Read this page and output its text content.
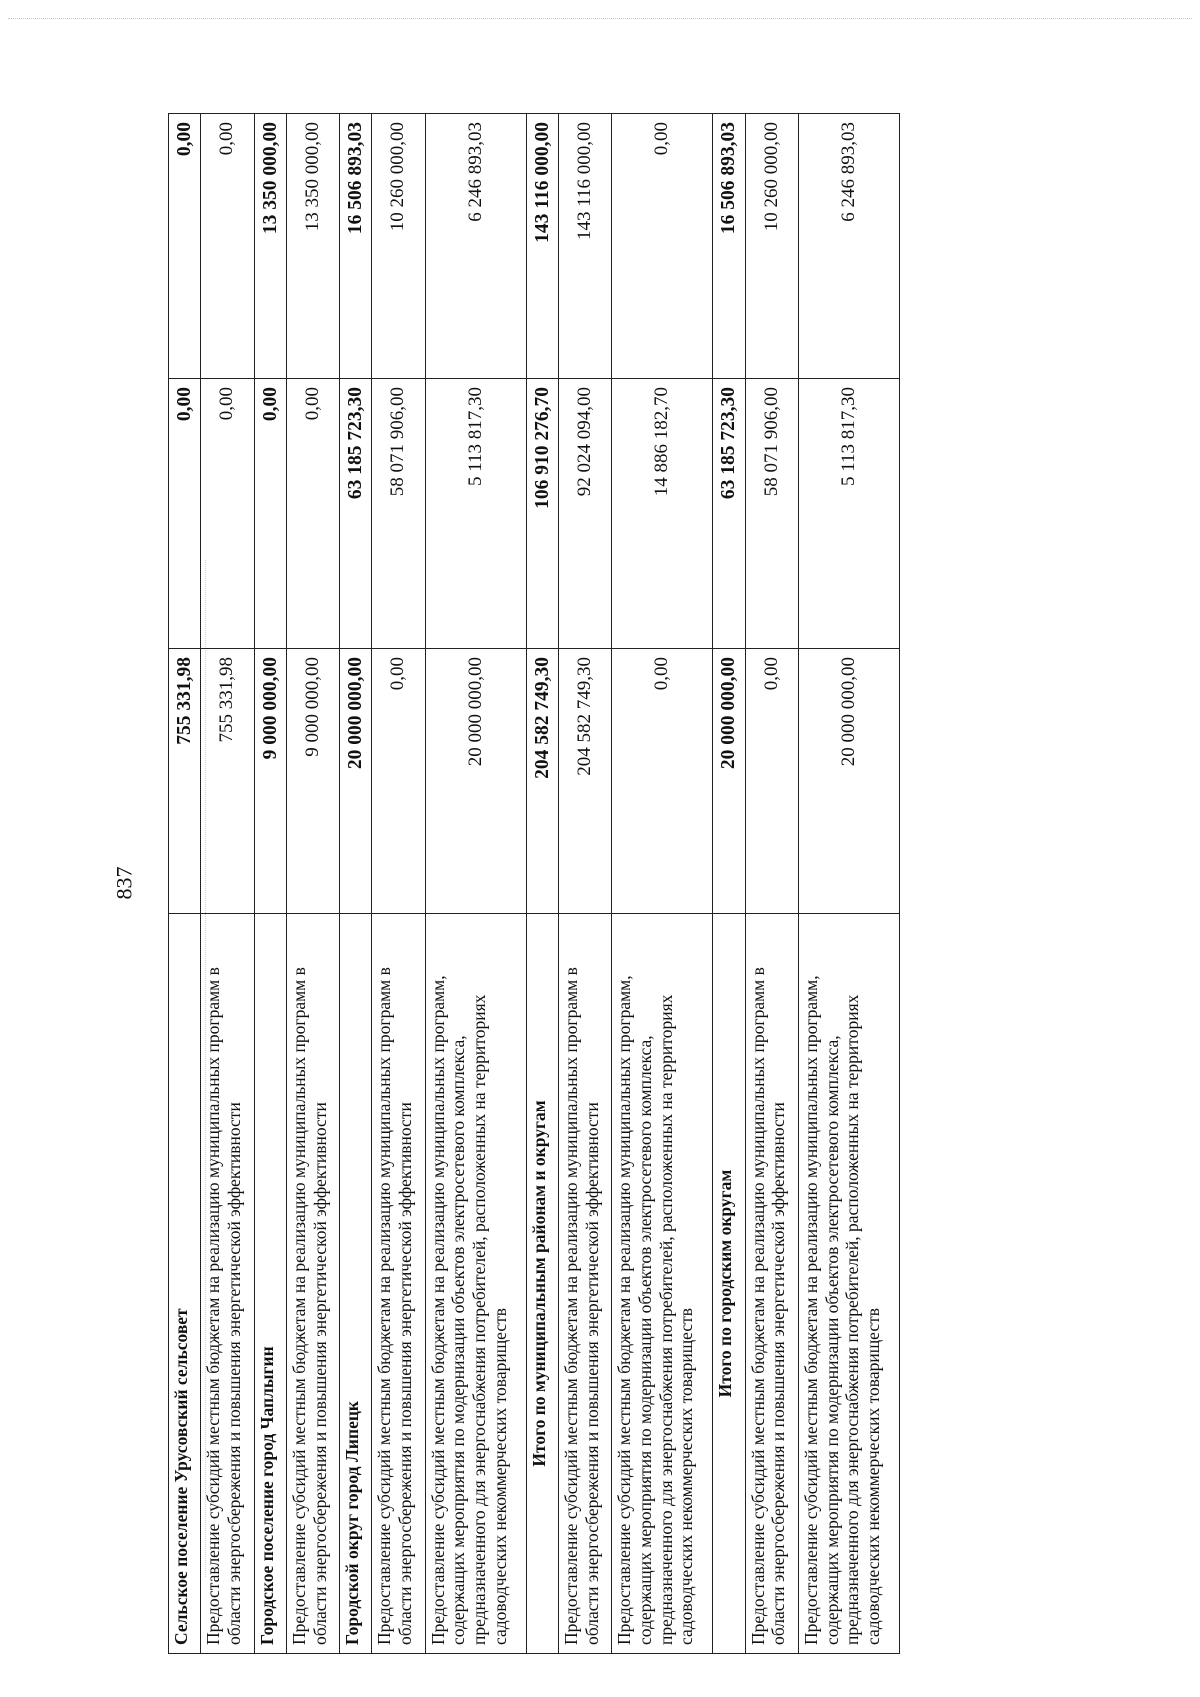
837
Сельское поселение Урусовский сельсовет	755 331,98	0,00	0,00
Предоставление субсидий местным бюджетам на реализацию муниципальных программ в области энергосбережения и повышения энергетической эффективности	755 331,98	0,00	0,00
Городское поселение город Чаплыгин	9 000 000,00	0,00	13 350 000,00
Предоставление субсидий местным бюджетам на реализацию муниципальных программ в области энергосбережения и повышения энергетической эффективности	9 000 000,00	0,00	13 350 000,00
Городской округ город Липецк	20 000 000,00	63 185 723,30	16 506 893,03
Предоставление субсидий местным бюджетам на реализацию муниципальных программ в области энергосбережения и повышения энергетической эффективности	0,00	58 071 906,00	10 260 000,00
Предоставление субсидий местным бюджетам на реализацию муниципальных программ, содержащих мероприятия по модернизации объектов электросетевого комплекса, предназначенного для энергоснабжения потребителей, расположенных на территориях садоводческих некоммерческих товариществ	20 000 000,00	5 113 817,30	6 246 893,03
Итого по муниципальным районам и округам	204 582 749,30	106 910 276,70	143 116 000,00
Предоставление субсидий местным бюджетам на реализацию муниципальных программ в области энергосбережения и повышения энергетической эффективности	204 582 749,30	92 024 094,00	143 116 000,00
Предоставление субсидий местным бюджетам на реализацию муниципальных программ, содержащих мероприятия по модернизации объектов электросетевого комплекса, предназначенного для энергоснабжения потребителей, расположенных на территориях садоводческих некоммерческих товариществ	0,00	14 886 182,70	0,00
Итого по городским округам	20 000 000,00	63 185 723,30	16 506 893,03
Предоставление субсидий местным бюджетам на реализацию муниципальных программ в области энергосбережения и повышения энергетической эффективности	0,00	58 071 906,00	10 260 000,00
Предоставление субсидий местным бюджетам на реализацию муниципальных программ, содержащих мероприятия по модернизации объектов электросетевого комплекса, предназначенного для энергоснабжения потребителей, расположенных на территориях садоводческих некоммерческих товариществ	20 000 000,00	5 113 817,30	6 246 893,03
